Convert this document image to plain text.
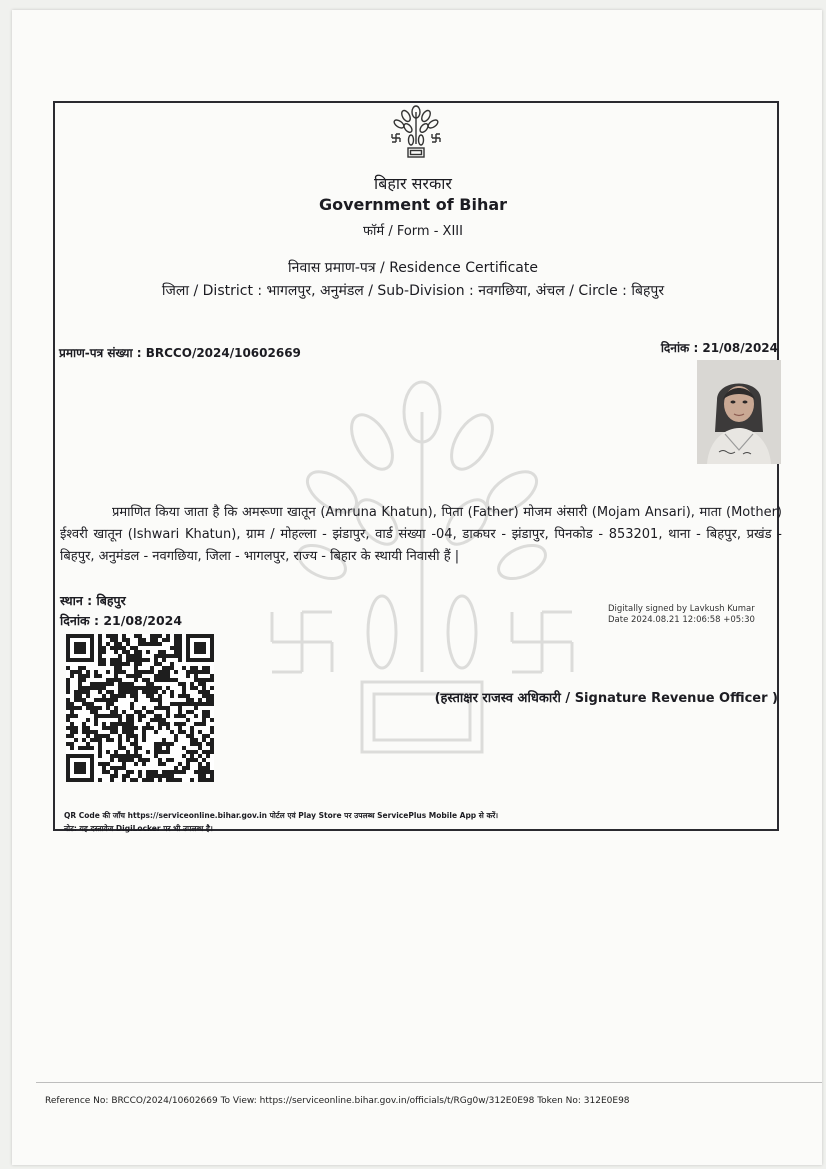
बिहार सरकार
Government of Bihar
फॉर्म / Form - XIII
निवास प्रमाण-पत्र / Residence Certificate
जिला / District : भागलपुर, अनुमंडल / Sub-Division : नवगछिया, अंचल / Circle : बिहपुर
प्रमाण-पत्र संख्या : BRCCO/2024/10602669	दिनांक : 21/08/2024
प्रमाणित किया जाता है कि अमरूणा खातून (Amruna Khatun), पिता (Father) मोजम अंसारी (Mojam Ansari), माता (Mother) ईश्वरी खातून (Ishwari Khatun), ग्राम / मोहल्ला - झंडापुर, वार्ड संख्या -04, डाकघर - झंडापुर, पिनकोड - 853201, थाना - बिहपुर, प्रखंड - बिहपुर, अनुमंडल - नवगछिया, जिला - भागलपुर, राज्य - बिहार के स्थायी निवासी हैं |
स्थान : बिहपुर
दिनांक : 21/08/2024
Digitally signed by Lavkush Kumar
Date 2024.08.21 12:06:58 +05:30
(हस्ताक्षर राजस्व अधिकारी / Signature Revenue Officer )
QR Code की जाँच https://serviceonline.bihar.gov.in पोर्टल एवं Play Store पर उपलब्ध ServicePlus Mobile App से करें।
नोट: यह दस्तावेज DigiLocker पर भी उपलब्ध है।
Reference No: BRCCO/2024/10602669 To View: https://serviceonline.bihar.gov.in/officials/t/RGg0w/312E0E98 Token No: 312E0E98
